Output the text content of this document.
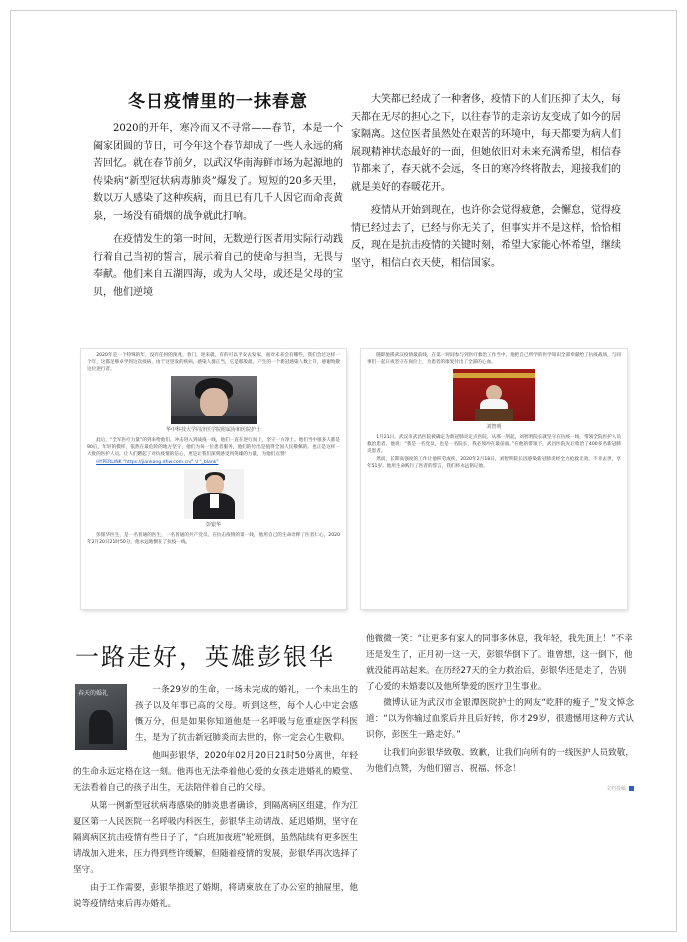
冬日疫情里的一抹春意

2020的开年，寒冷而又不寻常——春节，本是一个阖家团圆的节日，可今年这个春节却成了一些人永远的痛苦回忆。就在春节前夕，以武汉华南海鲜市场为起源地的传染病“新型冠状病毒肺炎”爆发了。短短的20多天里，数以万人感染了这种疾病，而且已有几千人因它而命丧黄泉，一场没有硝烟的战争就此打响。

在疫情发生的第一时间，无数逆行医者用实际行动践行着自己当初的誓言，展示着自己的使命与担当，无畏与奉献。他们来自五湖四海，或为人父母，或还是父母的宝贝，他们逆境

大笑都已经成了一种奢侈，疫情下的人们压抑了太久，每天都在无尽的担心之下，以往春节的走亲访友变成了如今的居家隔离。这位医者虽然处在艰苦的环境中，每天都要为病人们展现精神状态最好的一面，但她依旧对未来充满希望，相信春节都来了，春天就不会远，冬日的寒冷终将散去，迎接我们的就是美好的春暖花开。

疫情从开始到现在，也许你会觉得疲惫，会懈怠，觉得疫情已经过去了，已经与你无关了，但事实并不是这样，恰恰相反，现在是抗击疫情的关键时刻，希望大家能心怀希望，继续坚守，相信白衣天使，相信国家。

2020年是一个特殊的年，没有任何的预兆，春门，逆来就，有的可以平安去发家，面对未来会有哪些，我们会过这样一个年，这都足够卓学到这次疫病，由于这里发的疾病，感染人群正当，它是那般最，产生的一个新冠感染人数上升，感谢致敬这位逆行者。

华中科技大学同济医学院附属协和医院护士

此后，“全军医疗力量”的到来给他们，冲击进入到战疫一线，他们一直在逆行而上，坚守一方净土。他们当中很多人都是90后，年轻的模样，依然在最危险的地方坚守，他们为每一位患者服务，他们的付出是值得全国人民敬佩的。也正是这样一大批的医护人员，让人们燃起了对抗疫情的信心，更是让我们深刻感受到英雄的力量，为他们点赞！

HYPERLINK "https://jiankang.dhw.com.cn/" \l "_blank"

彭银华

彭银华医生，是一名普通的医生，一名普通的共产党员。在抗击疫情的第一线，他用自己的生命诠释了医者仁心，2020年2月20日21时50分，他永远地倒在了抗疫一线。

随即驰援武汉疫情最前线，在第一时间参与到医疗救治工作当中，他把自己所学的医学知识全部奉献给了抗疫战场，与同事们一起日夜坚守在岗位上，为患者的康复付出了全部的心血。

刘智明

1月21日，武汉市武昌医院被确定为新冠肺炎定点医院。从那一刻起，刘智明院长就坚守在抗疫一线，带领全院医护人员救治患者，他说：“我是一名党员，也是一名院长，我必须冲在最前面。”在他的带领下，武昌医院先后收治了400多名新冠肺炎患者。

然而，长期高强度的工作让他积劳成疾，2020年2月18日，刘智明院长因感染新冠肺炎经全力抢救无效，不幸去世，享年51岁。他用生命践行了医者的誓言，我们将永远铭记他。

一路走好，英雄彭银华
春天的婚礼	一条29岁的生命，一场未完成的婚礼，一个未出生的孩子以及年事已高的父母。听到这些，每个人心中定会感慨万分，但是如果你知道他是一名呼吸与危重症医学科医生，是为了抗击新冠肺炎而去世的，你一定会心生敬仰。

他叫彭银华，2020年02月20日21时50分离世，年轻的生命永远定格在这一刻。他再也无法牵着他心爱的女孩走进婚礼的殿堂、无法看着自己的孩子出生，无法陪伴着自己的父母。

从第一例新型冠状病毒感染的肺炎患者确诊，到隔离病区组建，作为江夏区第一人民医院一名呼吸内科医生，彭银华主动请战、延迟婚期，坚守在隔离病区抗击疫情有些日子了，“白班加夜班”轮班倒，虽然陆续有更多医生请战加入进来，压力得到些许缓解，但随着疫情的发展，彭银华再次选择了坚守。

由于工作需要，彭银华推迟了婚期，将请柬放在了办公室的抽屉里，他说等疫情结束后再办婚礼。

他微微一笑：“让更多有家人的同事多休息，我年轻，我先顶上！”不幸还是发生了，正月初一这一天，彭银华倒下了。谁曾想，这一倒下，他就没能再站起来。在历经27天的全力救治后，彭银华还是走了，告别了心爱的未婚妻以及他所挚爱的医疗卫生事业。

微博认证为武汉市金银潭医院护士的网友“吃胖的瘦子_”发文悼念道：“以为你输过血浆后并且后好转，你才29岁，很遗憾用这种方式认识你，彭医生一路走好。”

让我们向彭银华致敬、致歉，让我们向所有的一线医护人员致敬，为他们点赞，为他们留言、祝福、怀念！

文档投稿
